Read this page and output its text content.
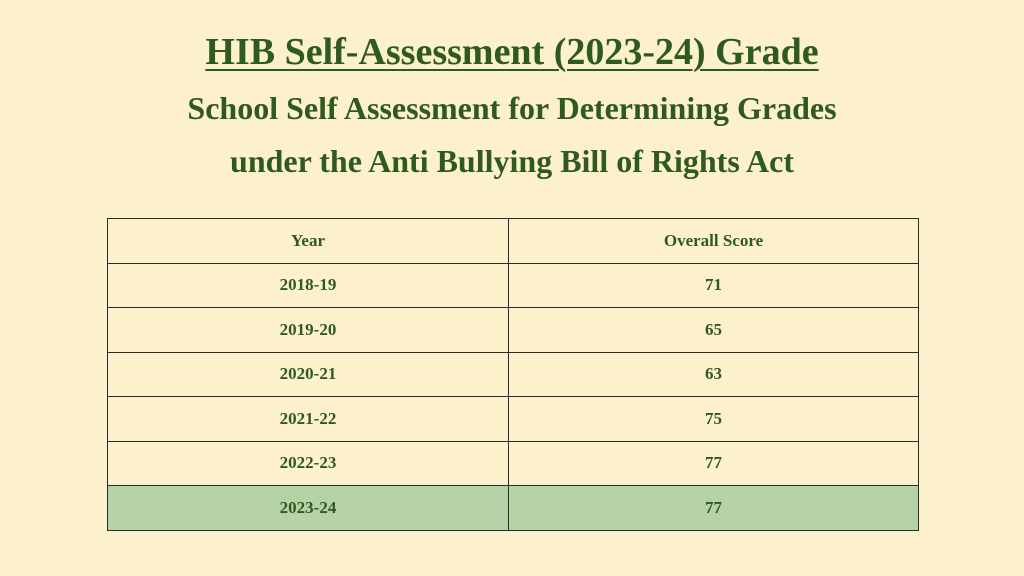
HIB Self-Assessment (2023-24) Grade
School Self Assessment for Determining Grades
under the Anti Bullying Bill of Rights Act
Year	Overall Score
2018-19	71
2019-20	65
2020-21	63
2021-22	75
2022-23	77
2023-24	77
